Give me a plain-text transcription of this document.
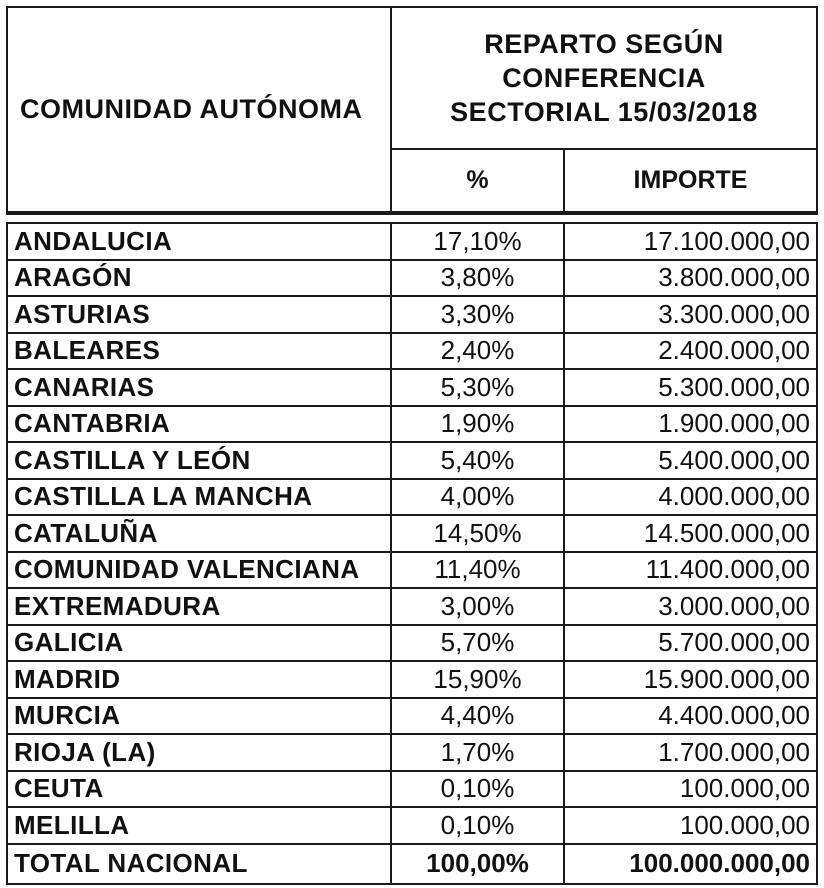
COMUNIDAD AUTÓNOMA	REPARTO SEGÚN
CONFERENCIA
SECTORIAL 15/03/2018	

	%	IMPORTE

ANDALUCIA	17,10%	17.100.000,00
ARAGÓN	3,80%	3.800.000,00
ASTURIAS	3,30%	3.300.000,00
BALEARES	2,40%	2.400.000,00
CANARIAS	5,30%	5.300.000,00
CANTABRIA	1,90%	1.900.000,00
CASTILLA Y LEÓN	5,40%	5.400.000,00
CASTILLA LA MANCHA	4,00%	4.000.000,00
CATALUÑA	14,50%	14.500.000,00
COMUNIDAD VALENCIANA	11,40%	11.400.000,00
EXTREMADURA	3,00%	3.000.000,00
GALICIA	5,70%	5.700.000,00
MADRID	15,90%	15.900.000,00
MURCIA	4,40%	4.400.000,00
RIOJA (LA)	1,70%	1.700.000,00
CEUTA	0,10%	100.000,00
MELILLA	0,10%	100.000,00
TOTAL NACIONAL	100,00%	100.000.000,00
